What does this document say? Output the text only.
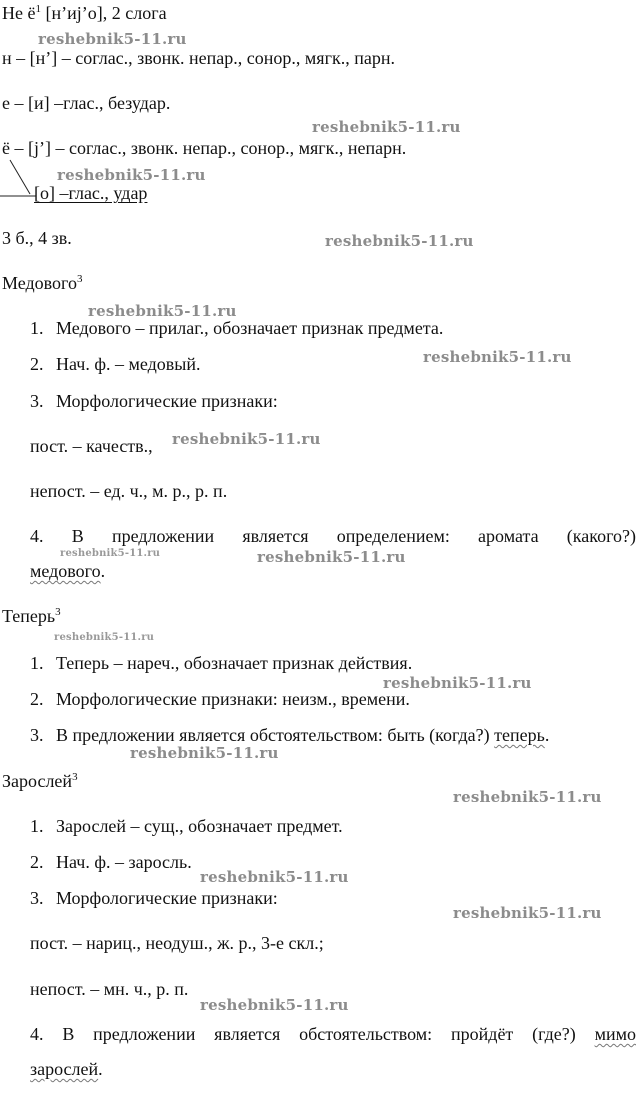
Не $ё^1$ [н’иj’о], 2 слога
н – [н’] – соглас., звонк. непар., сонор., мягк., парн.
е – [и] –глас., безудар.
ё – [j’] – соглас., звонк. непар., сонор., мягк., непарн.
[о] –глас., удар
3 б., 4 зв.
Медового$^3$
1. Медового – прилаг., обозначает признак предмета.
2. Нач. ф. – медовый.
3. Морфологические признаки:
пост. – качеств.,
непост. – ед. ч., м. р., р. п.
4. В предложении является определением: аромата (какого?)
медового.
Теперь$^3$
1. Теперь – нареч., обозначает признак действия.
2. Морфологические признаки: неизм., времени.
3. В предложении является обстоятельством: быть (когда?) теперь.
Зарослей$^3$
1. Зарослей – сущ., обозначает предмет.
2. Нач. ф. – заросль.
3. Морфологические признаки:
пост. – нариц., неодуш., ж. р., 3-е скл.;
непост. – мн. ч., р. п.
4. В предложении является обстоятельством: пройдёт (где?) мимо
зарослей.
reshebnik5-11.ru
reshebnik5-11.ru
reshebnik5-11.ru
reshebnik5-11.ru
reshebnik5-11.ru
reshebnik5-11.ru
reshebnik5-11.ru
reshebnik5-11.ru	reshebnik5-11.ru
reshebnik5-11.ru
reshebnik5-11.ru
reshebnik5-11.ru
reshebnik5-11.ru
reshebnik5-11.ru
reshebnik5-11.ru
reshebnik5-11.ru
